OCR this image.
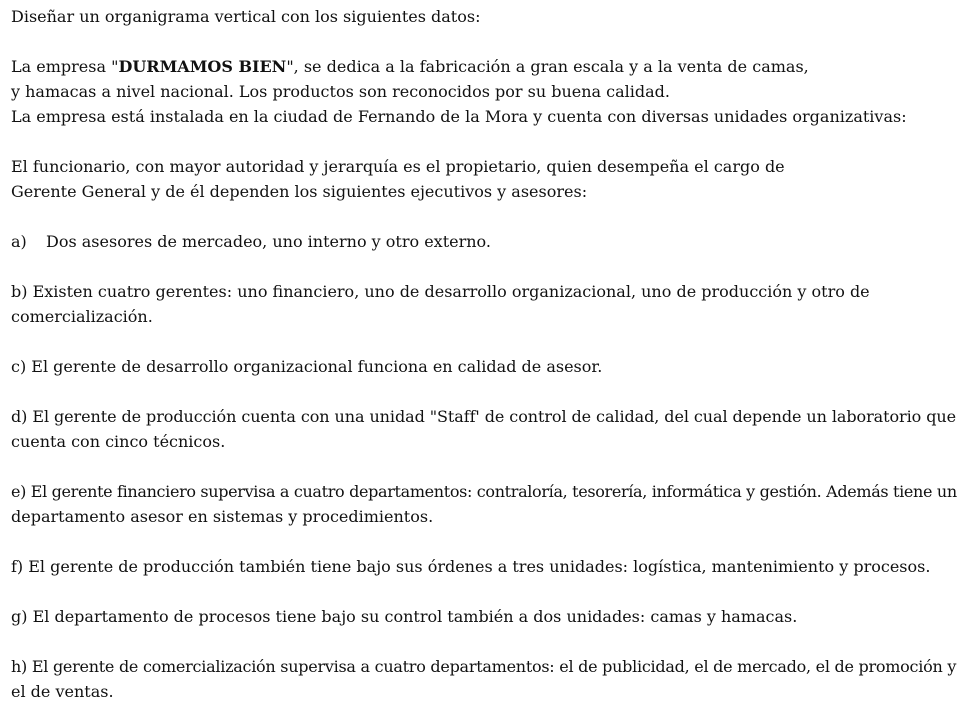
Diseñar un organigrama vertical con los siguientes datos:
La empresa "DURMAMOS BIEN", se dedica a la fabricación a gran escala y a la venta de camas,
y hamacas a nivel nacional. Los productos son reconocidos por su buena calidad.
La empresa está instalada en la ciudad de Fernando de la Mora y cuenta con diversas unidades organizativas:
El funcionario, con mayor autoridad y jerarquía es el propietario, quien desempeña el cargo de
Gerente General y de él dependen los siguientes ejecutivos y asesores:
a) Dos asesores de mercadeo, uno interno y otro externo.
b) Existen cuatro gerentes: uno financiero, uno de desarrollo organizacional, uno de producción y otro de
comercialización.
c) El gerente de desarrollo organizacional funciona en calidad de asesor.
d) El gerente de producción cuenta con una unidad "Staff' de control de calidad, del cual depende un laboratorio que
cuenta con cinco técnicos.
e) El gerente financiero supervisa a cuatro departamentos: contraloría, tesorería, informática y gestión. Además tiene un
departamento asesor en sistemas y procedimientos.
f) El gerente de producción también tiene bajo sus órdenes a tres unidades: logística, mantenimiento y procesos.
g) El departamento de procesos tiene bajo su control también a dos unidades: camas y hamacas.
h) El gerente de comercialización supervisa a cuatro departamentos: el de publicidad, el de mercado, el de promoción y
el de ventas.
